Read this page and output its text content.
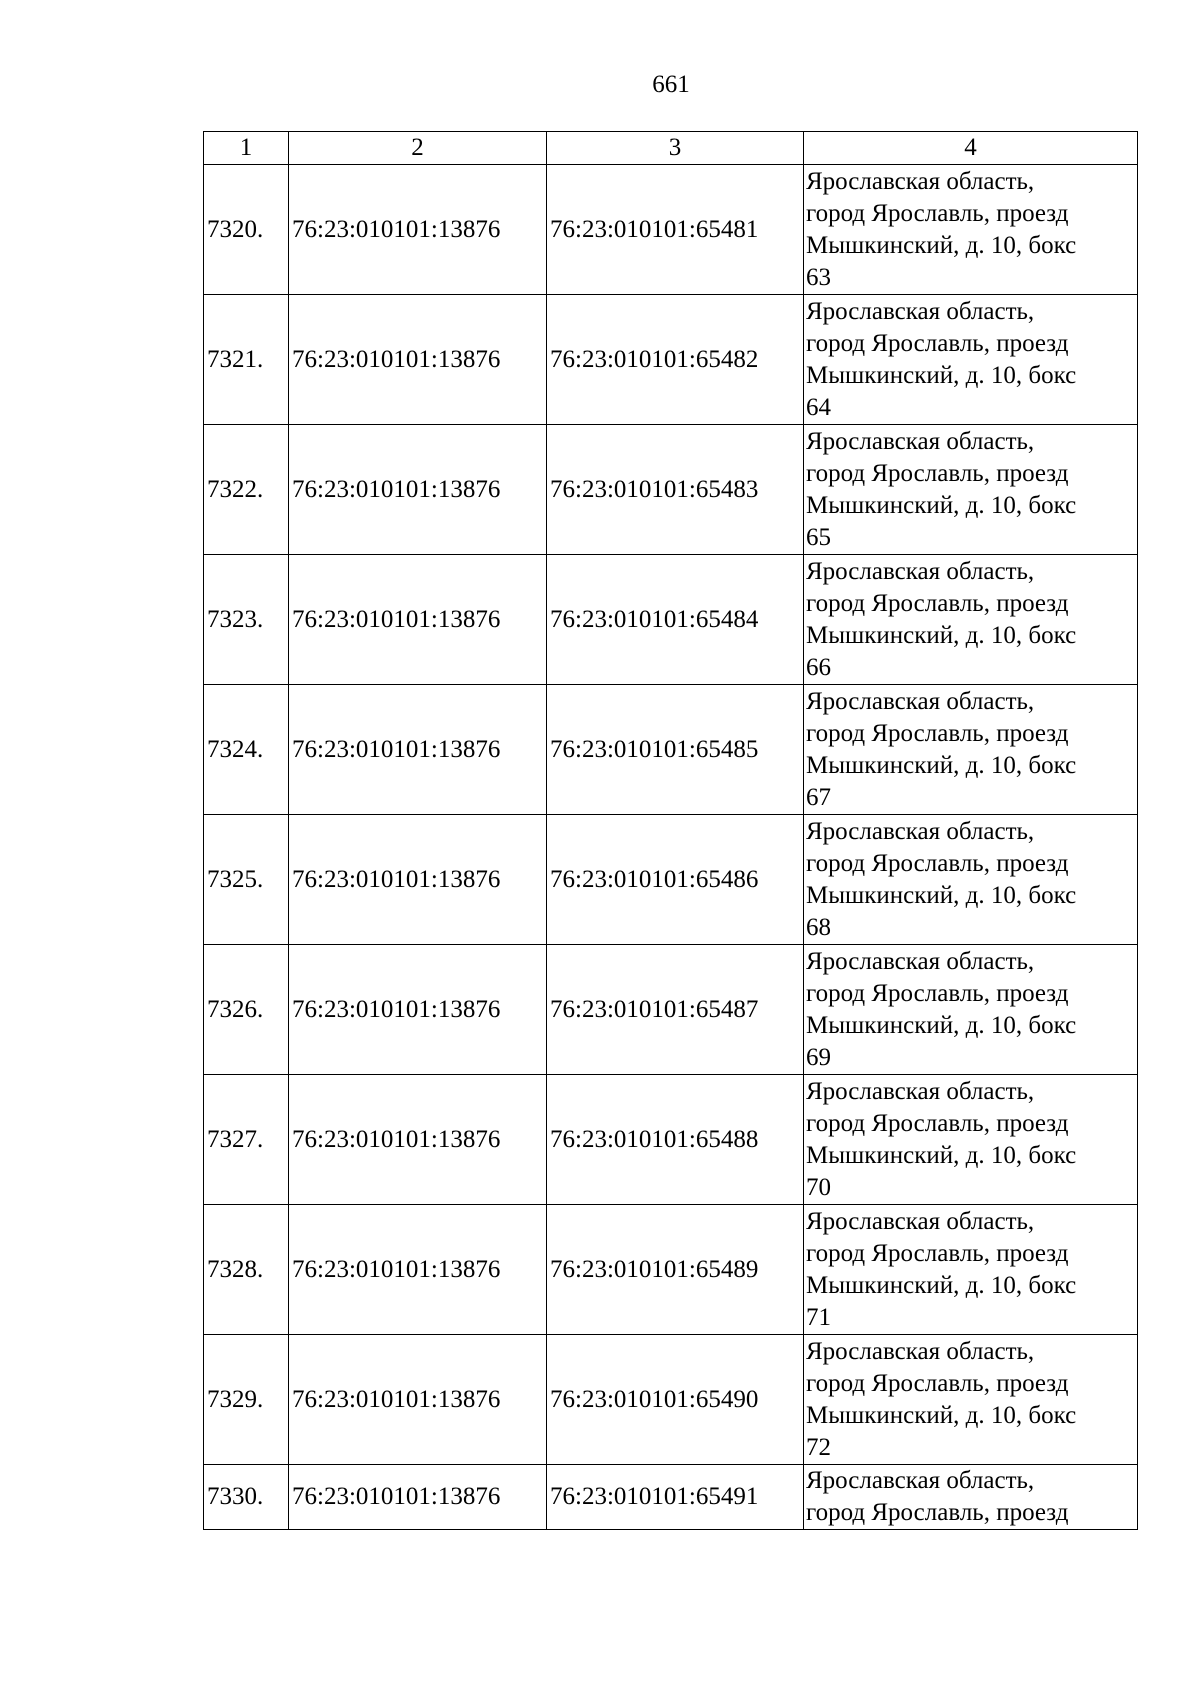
661
1	2	3	4
7320.	76:23:010101:13876	76:23:010101:65481	Ярославская область,
город Ярославль, проезд
Мышкинский, д. 10, бокс
63

7321.	76:23:010101:13876	76:23:010101:65482	Ярославская область,
город Ярославль, проезд
Мышкинский, д. 10, бокс
64

7322.	76:23:010101:13876	76:23:010101:65483	Ярославская область,
город Ярославль, проезд
Мышкинский, д. 10, бокс
65

7323.	76:23:010101:13876	76:23:010101:65484	Ярославская область,
город Ярославль, проезд
Мышкинский, д. 10, бокс
66

7324.	76:23:010101:13876	76:23:010101:65485	Ярославская область,
город Ярославль, проезд
Мышкинский, д. 10, бокс
67

7325.	76:23:010101:13876	76:23:010101:65486	Ярославская область,
город Ярославль, проезд
Мышкинский, д. 10, бокс
68

7326.	76:23:010101:13876	76:23:010101:65487	Ярославская область,
город Ярославль, проезд
Мышкинский, д. 10, бокс
69

7327.	76:23:010101:13876	76:23:010101:65488	Ярославская область,
город Ярославль, проезд
Мышкинский, д. 10, бокс
70

7328.	76:23:010101:13876	76:23:010101:65489	Ярославская область,
город Ярославль, проезд
Мышкинский, д. 10, бокс
71

7329.	76:23:010101:13876	76:23:010101:65490	Ярославская область,
город Ярославль, проезд
Мышкинский, д. 10, бокс
72

7330.	76:23:010101:13876	76:23:010101:65491	Ярославская область,
город Ярославль, проезд
